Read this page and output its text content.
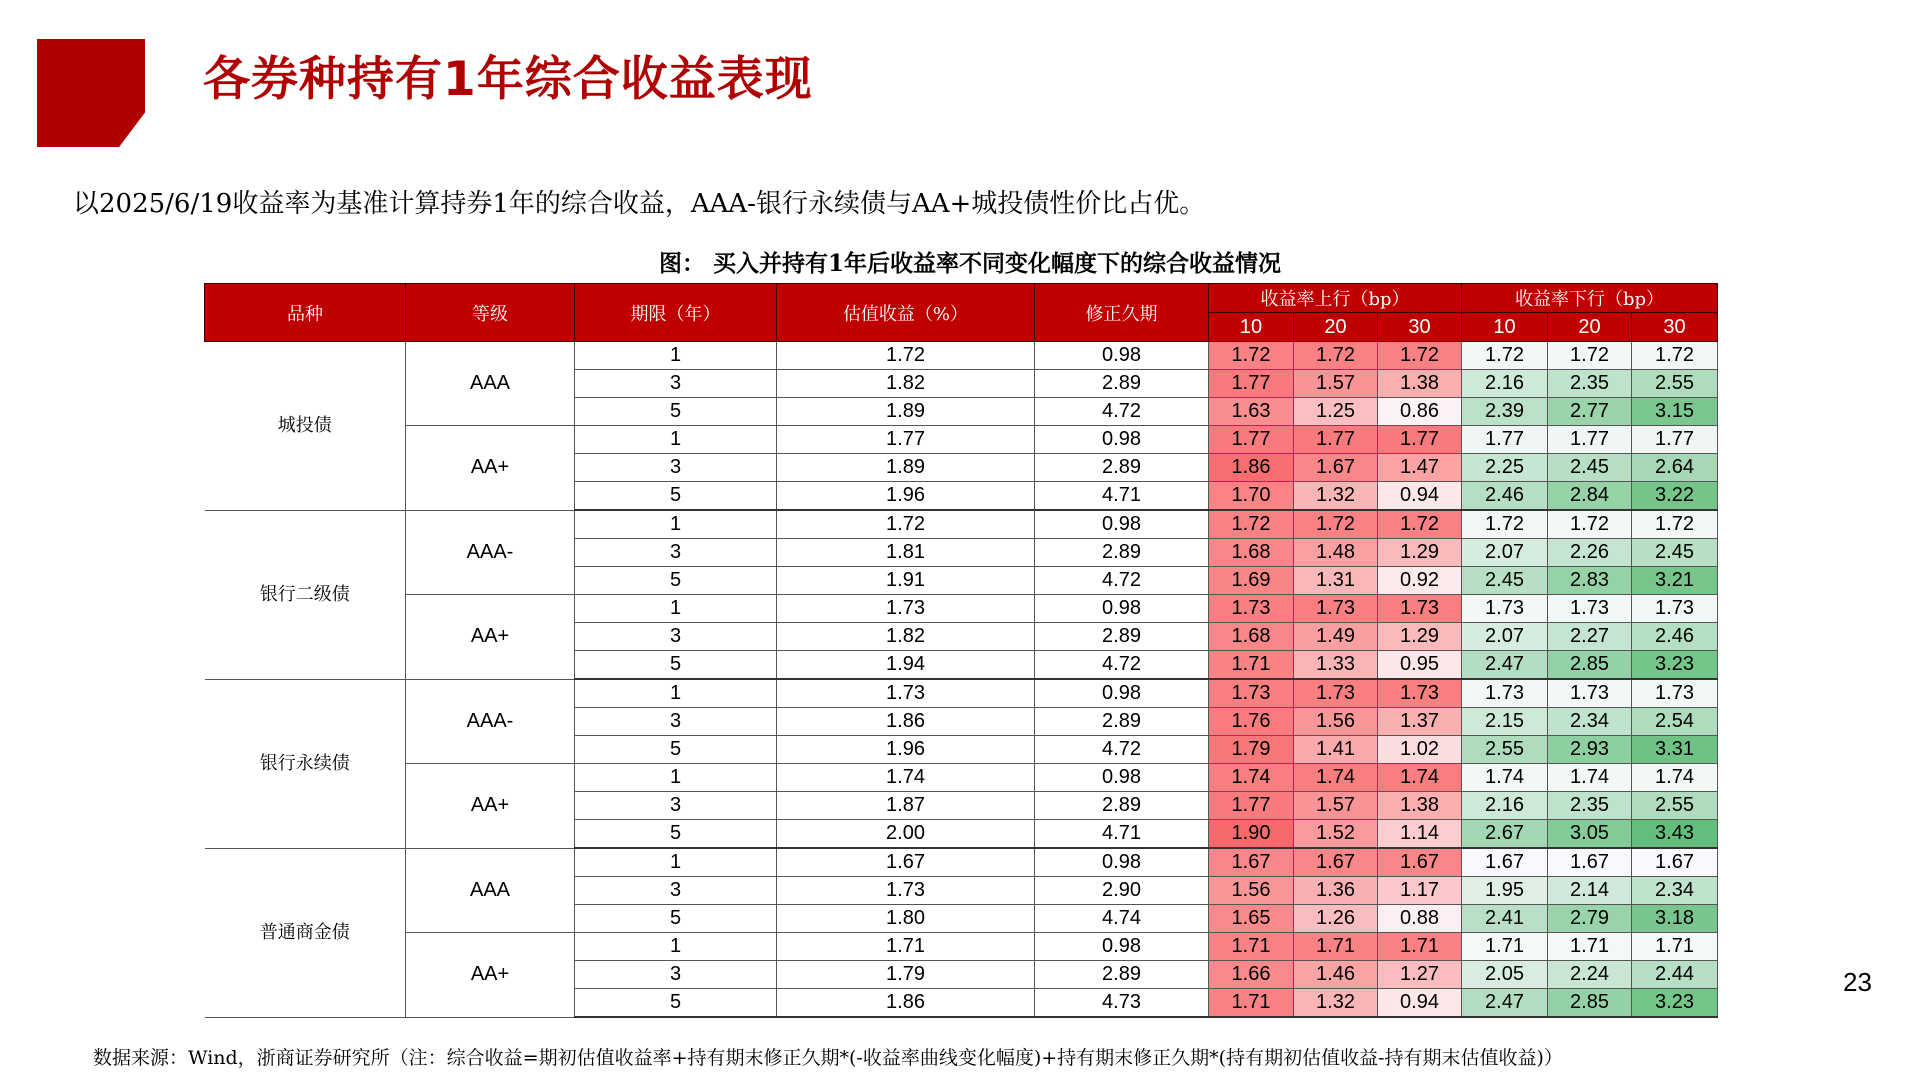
各券种持有1年综合收益表现
以2025/6/19收益率为基准计算持券1年的综合收益，AAA-银行永续债与AA+城投债性价比占优。
图： 买入并持有1年后收益率不同变化幅度下的综合收益情况
品种	等级	期限（年）	估值收益（%）	修正久期	收益率上行（bp）			收益率下行（bp）		
					10	20	30	10	20	30
城投债	AAA	1	1.72	0.98	1.72	1.72	1.72	1.72	1.72	1.72
		3	1.82	2.89	1.77	1.57	1.38	2.16	2.35	2.55
		5	1.89	4.72	1.63	1.25	0.86	2.39	2.77	3.15
	AA+	1	1.77	0.98	1.77	1.77	1.77	1.77	1.77	1.77
		3	1.89	2.89	1.86	1.67	1.47	2.25	2.45	2.64
		5	1.96	4.71	1.70	1.32	0.94	2.46	2.84	3.22
银行二级债	AAA-	1	1.72	0.98	1.72	1.72	1.72	1.72	1.72	1.72
		3	1.81	2.89	1.68	1.48	1.29	2.07	2.26	2.45
		5	1.91	4.72	1.69	1.31	0.92	2.45	2.83	3.21
	AA+	1	1.73	0.98	1.73	1.73	1.73	1.73	1.73	1.73
		3	1.82	2.89	1.68	1.49	1.29	2.07	2.27	2.46
		5	1.94	4.72	1.71	1.33	0.95	2.47	2.85	3.23
银行永续债	AAA-	1	1.73	0.98	1.73	1.73	1.73	1.73	1.73	1.73
		3	1.86	2.89	1.76	1.56	1.37	2.15	2.34	2.54
		5	1.96	4.72	1.79	1.41	1.02	2.55	2.93	3.31
	AA+	1	1.74	0.98	1.74	1.74	1.74	1.74	1.74	1.74
		3	1.87	2.89	1.77	1.57	1.38	2.16	2.35	2.55
		5	2.00	4.71	1.90	1.52	1.14	2.67	3.05	3.43
普通商金债	AAA	1	1.67	0.98	1.67	1.67	1.67	1.67	1.67	1.67
		3	1.73	2.90	1.56	1.36	1.17	1.95	2.14	2.34
		5	1.80	4.74	1.65	1.26	0.88	2.41	2.79	3.18
	AA+	1	1.71	0.98	1.71	1.71	1.71	1.71	1.71	1.71
		3	1.79	2.89	1.66	1.46	1.27	2.05	2.24	2.44
		5	1.86	4.73	1.71	1.32	0.94	2.47	2.85	3.23
数据来源：Wind，浙商证券研究所（注：综合收益=期初估值收益率+持有期末修正久期*(-收益率曲线变化幅度)+持有期末修正久期*(持有期初估值收益-持有期末估值收益)）
23
